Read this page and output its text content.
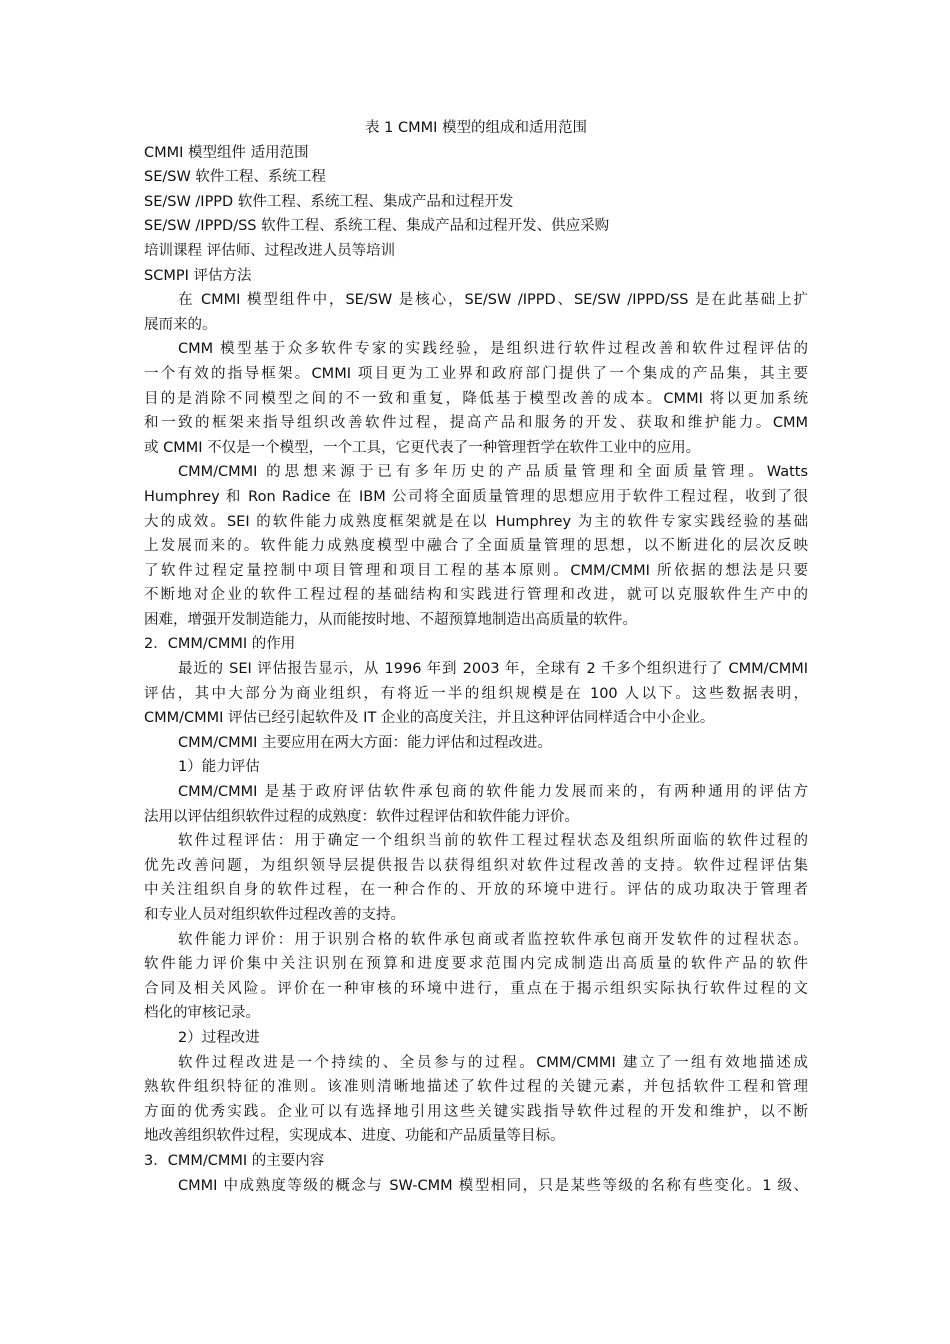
表 1 CMMI 模型的组成和适用范围
CMMI 模型组件 适用范围
SE/SW 软件工程、系统工程
SE/SW /IPPD 软件工程、系统工程、集成产品和过程开发
SE/SW /IPPD/SS 软件工程、系统工程、集成产品和过程开发、供应采购
培训课程 评估师、过程改进人员等培训
SCMPI 评估方法
在 CMMI 模型组件中，SE/SW 是核心，SE/SW /IPPD、SE/SW /IPPD/SS 是在此基础上扩
展而来的。
CMM 模型基于众多软件专家的实践经验，是组织进行软件过程改善和软件过程评估的
一个有效的指导框架。CMMI 项目更为工业界和政府部门提供了一个集成的产品集，其主要
目的是消除不同模型之间的不一致和重复，降低基于模型改善的成本。CMMI 将以更加系统
和一致的框架来指导组织改善软件过程，提高产品和服务的开发、获取和维护能力。CMM
或 CMMI 不仅是一个模型，一个工具，它更代表了一种管理哲学在软件工业中的应用。
CMM/CMMI 的思想来源于已有多年历史的产品质量管理和全面质量管理。Watts
Humphrey 和 Ron Radice 在 IBM 公司将全面质量管理的思想应用于软件工程过程，收到了很
大的成效。SEI 的软件能力成熟度框架就是在以 Humphrey 为主的软件专家实践经验的基础
上发展而来的。软件能力成熟度模型中融合了全面质量管理的思想，以不断进化的层次反映
了软件过程定量控制中项目管理和项目工程的基本原则。CMM/CMMI 所依据的想法是只要
不断地对企业的软件工程过程的基础结构和实践进行管理和改进，就可以克服软件生产中的
困难，增强开发制造能力，从而能按时地、不超预算地制造出高质量的软件。
2．CMM/CMMI 的作用
最近的 SEI 评估报告显示，从 1996 年到 2003 年，全球有 2 千多个组织进行了 CMM/CMMI
评估，其中大部分为商业组织，有将近一半的组织规模是在 100 人以下。这些数据表明，
CMM/CMMI 评估已经引起软件及 IT 企业的高度关注，并且这种评估同样适合中小企业。
CMM/CMMI 主要应用在两大方面：能力评估和过程改进。
1）能力评估
CMM/CMMI 是基于政府评估软件承包商的软件能力发展而来的，有两种通用的评估方
法用以评估组织软件过程的成熟度：软件过程评估和软件能力评价。
软件过程评估：用于确定一个组织当前的软件工程过程状态及组织所面临的软件过程的
优先改善问题，为组织领导层提供报告以获得组织对软件过程改善的支持。软件过程评估集
中关注组织自身的软件过程，在一种合作的、开放的环境中进行。评估的成功取决于管理者
和专业人员对组织软件过程改善的支持。
软件能力评价：用于识别合格的软件承包商或者监控软件承包商开发软件的过程状态。
软件能力评价集中关注识别在预算和进度要求范围内完成制造出高质量的软件产品的软件
合同及相关风险。评价在一种审核的环境中进行，重点在于揭示组织实际执行软件过程的文
档化的审核记录。
2）过程改进
软件过程改进是一个持续的、全员参与的过程。CMM/CMMI 建立了一组有效地描述成
熟软件组织特征的准则。该准则清晰地描述了软件过程的关键元素，并包括软件工程和管理
方面的优秀实践。企业可以有选择地引用这些关键实践指导软件过程的开发和维护，以不断
地改善组织软件过程，实现成本、进度、功能和产品质量等目标。
3．CMM/CMMI 的主要内容
CMMI 中成熟度等级的概念与 SW-CMM 模型相同，只是某些等级的名称有些变化。1 级、
